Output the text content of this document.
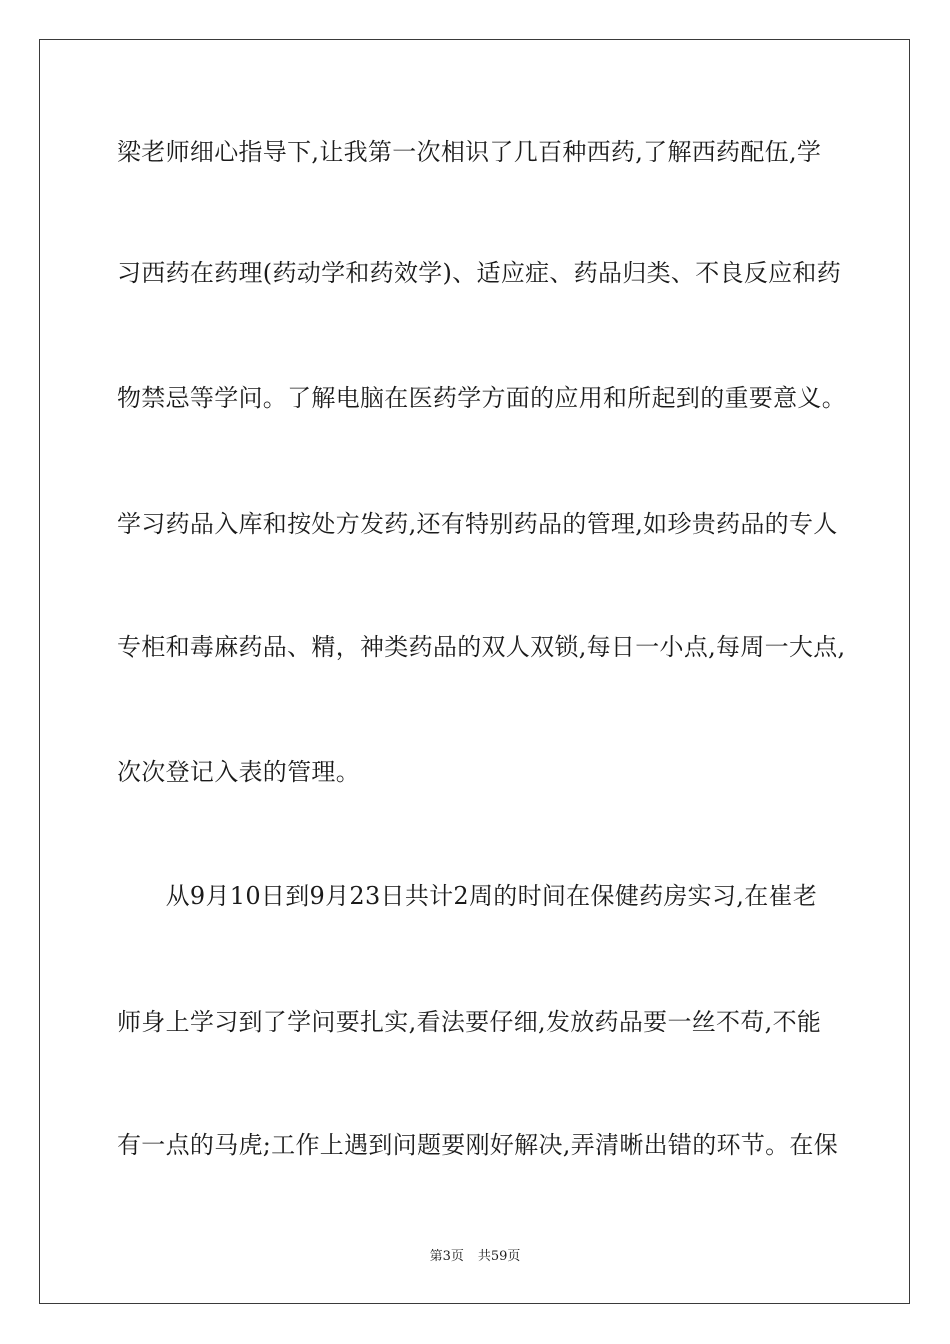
梁老师细心指导下,让我第一次相识了几百种西药,了解西药配伍,学
习西药在药理(药动学和药效学)、适应症、药品归类、不良反应和药
物禁忌等学问。了解电脑在医药学方面的应用和所起到的重要意义。
学习药品入库和按处方发药,还有特别药品的管理,如珍贵药品的专人
专柜和毒麻药品、精，神类药品的双人双锁,每日一小点,每周一大点,
次次登记入表的管理。
　　从9月10日到9月23日共计2周的时间在保健药房实习,在崔老
师身上学习到了学问要扎实,看法要仔细,发放药品要一丝不苟,不能
有一点的马虎;工作上遇到问题要刚好解决,弄清晰出错的环节。在保
第3页 共59页
